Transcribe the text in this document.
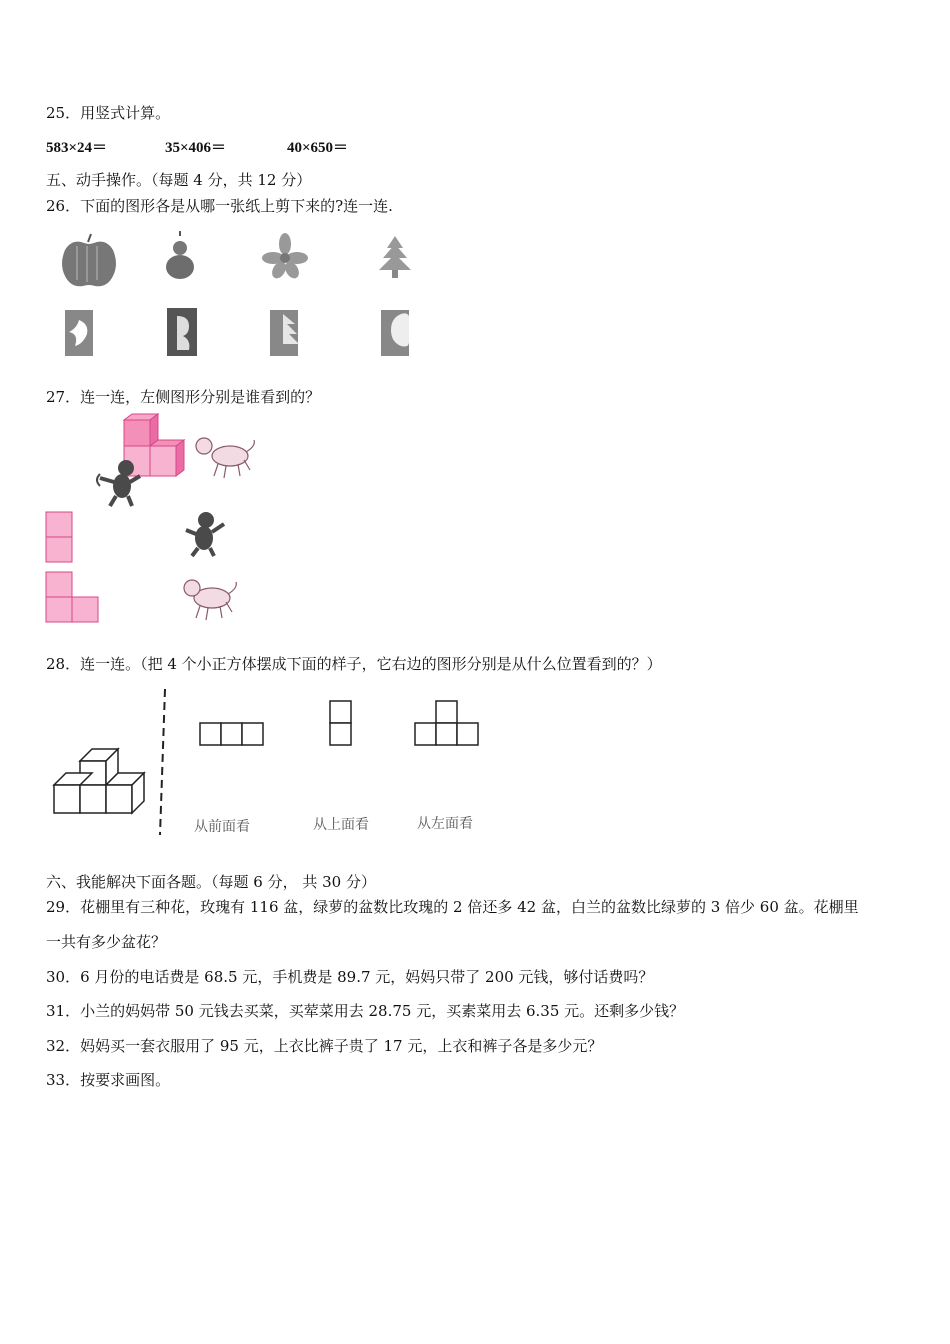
25．用竖式计算。
583×24＝	35×406＝	40×650＝
五、动手操作。（每题 4 分，共 12 分）
26．下面的图形各是从哪一张纸上剪下来的?连一连.
27．连一连，左侧图形分别是谁看到的？
28．连一连。（把 4 个小正方体摆成下面的样子，它右边的图形分别是从什么位置看到的？）
从前面看	从上面看	从左面看
六、我能解决下面各题。（每题 6 分， 共 30 分）
29．花棚里有三种花，玫瑰有 116 盆，绿萝的盆数比玫瑰的 2 倍还多 42 盆，白兰的盆数比绿萝的 3 倍少 60 盆。花棚里
一共有多少盆花？
30．6 月份的电话费是 68.5 元，手机费是 89.7 元，妈妈只带了 200 元钱，够付话费吗？
31．小兰的妈妈带 50 元钱去买菜，买荤菜用去 28.75 元，买素菜用去 6.35 元。还剩多少钱？
32．妈妈买一套衣服用了 95 元，上衣比裤子贵了 17 元，上衣和裤子各是多少元？
33．按要求画图。
